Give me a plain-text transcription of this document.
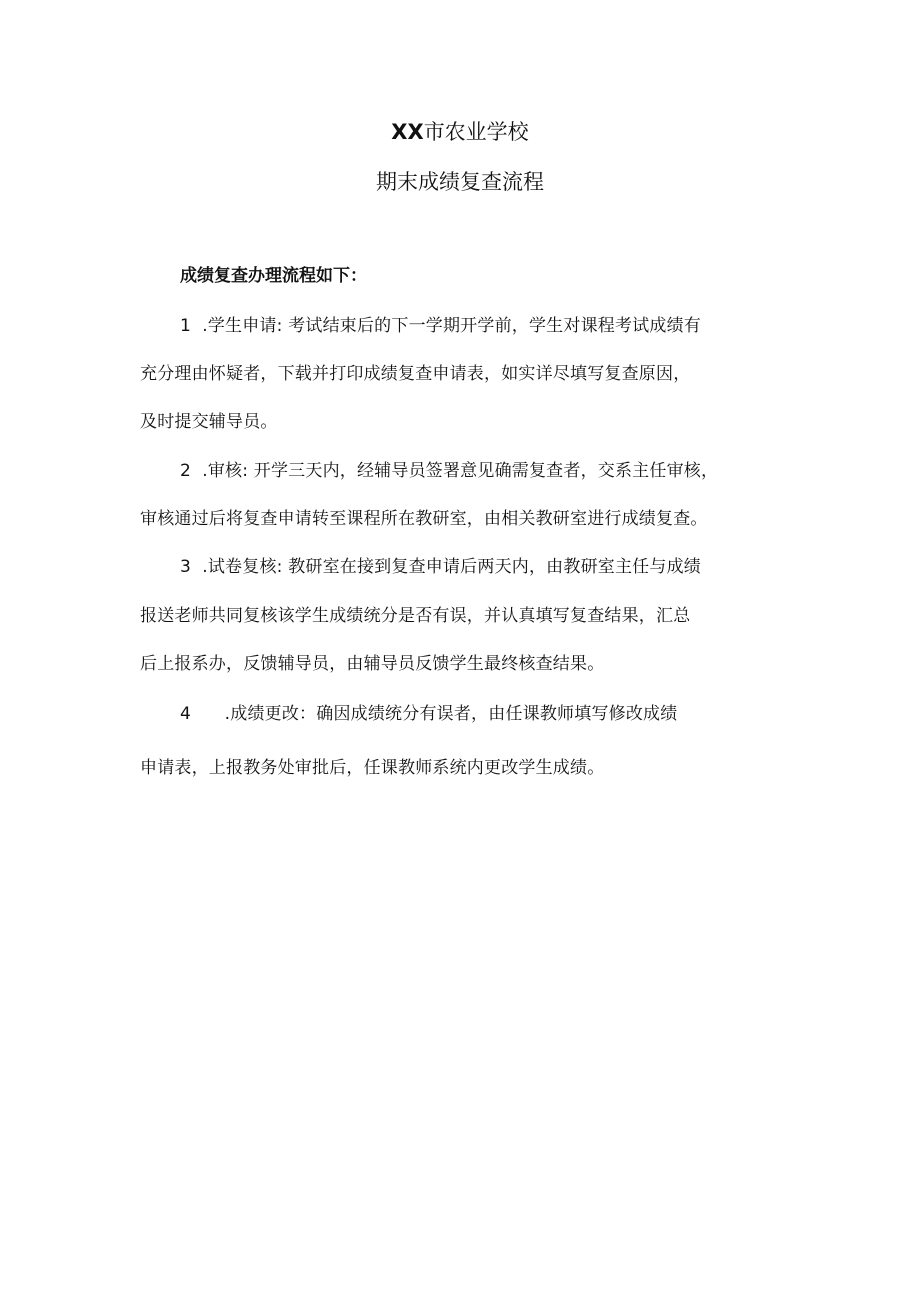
XX市农业学校
期末成绩复查流程
成绩复查办理流程如下：
1 .学生申请: 考试结束后的下一学期开学前，学生对课程考试成绩有
充分理由怀疑者，下载并打印成绩复查申请表，如实详尽填写复查原因，
及时提交辅导员。
2 .审核: 开学三天内，经辅导员签署意见确需复查者，交系主任审核，
审核通过后将复查申请转至课程所在教研室，由相关教研室进行成绩复查。
3 .试卷复核: 教研室在接到复查申请后两天内，由教研室主任与成绩
报送老师共同复核该学生成绩统分是否有误，并认真填写复查结果，汇总
后上报系办，反馈辅导员，由辅导员反馈学生最终核查结果。
4 .成绩更改：确因成绩统分有误者，由任课教师填写修改成绩
申请表，上报教务处审批后，任课教师系统内更改学生成绩。
